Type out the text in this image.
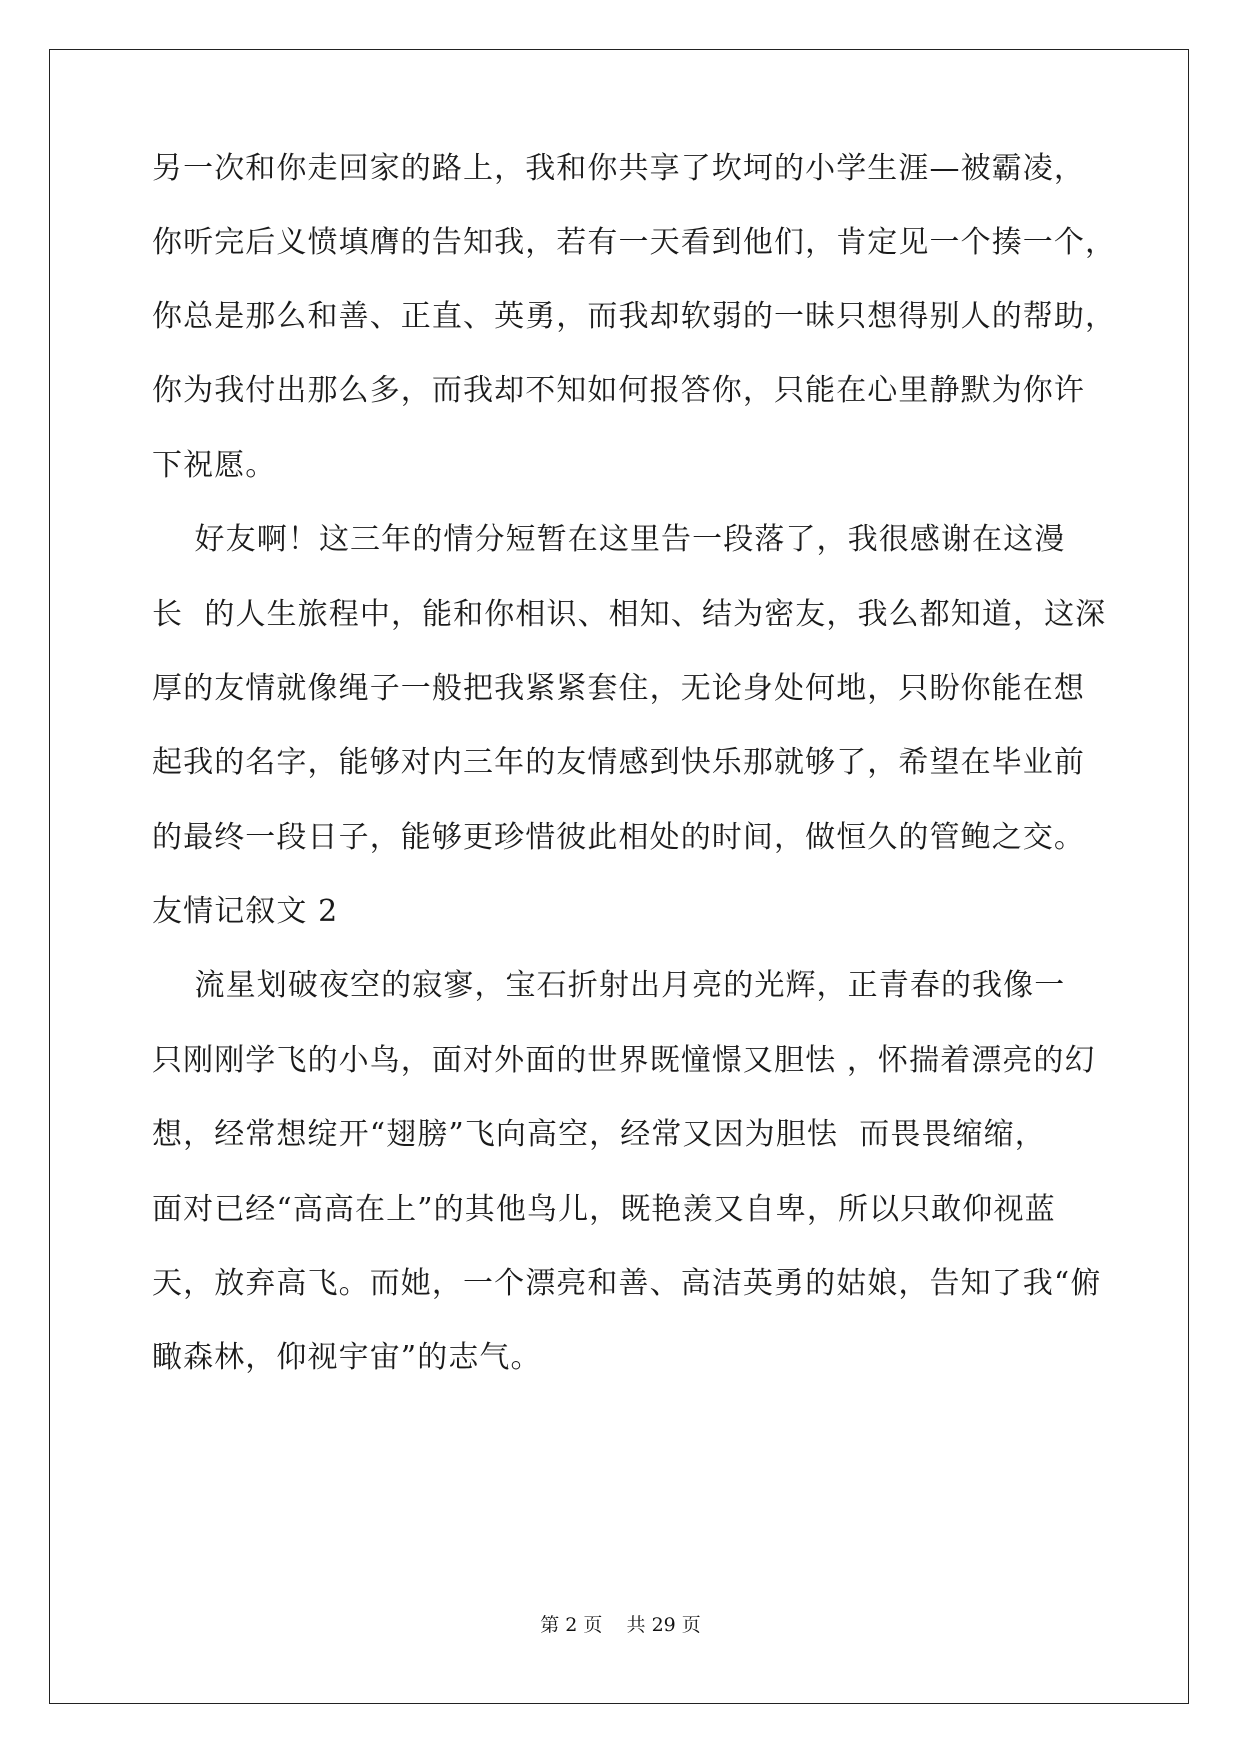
另一次和你走回家的路上，我和你共享了坎坷的小学生涯—被霸凌，
你听完后义愤填膺的告知我，若有一天看到他们，肯定见一个揍一个，
你总是那么和善、正直、英勇，而我却软弱的一昧只想得别人的帮助，
你为我付出那么多，而我却不知如何报答你，只能在心里静默为你许
下祝愿。
好友啊！这三年的情分短暂在这里告一段落了，我很感谢在这漫
长  的人生旅程中，能和你相识、相知、结为密友，我么都知道，这深
厚的友情就像绳子一般把我紧紧套住，无论身处何地，只盼你能在想
起我的名字，能够对内三年的友情感到快乐那就够了，希望在毕业前
的最终一段日子，能够更珍惜彼此相处的时间，做恒久的管鲍之交。
友情记叙文 2
流星划破夜空的寂寥，宝石折射出月亮的光辉，正青春的我像一
只刚刚学飞的小鸟，面对外面的世界既憧憬又胆怯 ，怀揣着漂亮的幻
想，经常想绽开“翅膀”飞向高空，经常又因为胆怯  而畏畏缩缩，
面对已经“高高在上”的其他鸟儿，既艳羡又自卑，所以只敢仰视蓝
天，放弃高飞。而她，一个漂亮和善、高洁英勇的姑娘，告知了我“俯
瞰森林，仰视宇宙”的志气。
第 2 页    共 29 页
